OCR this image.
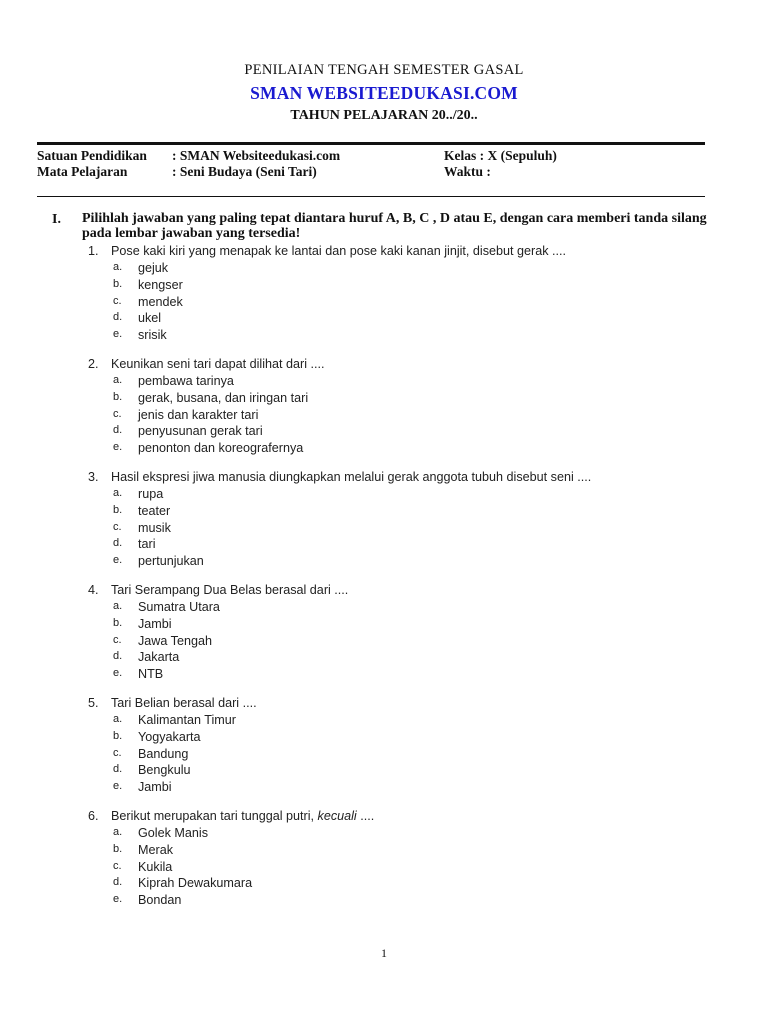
PENILAIAN TENGAH SEMESTER GASAL
SMAN WEBSITEEDUKASI.COM
TAHUN PELAJARAN 20../20..
Satuan Pendidikan : SMAN Websiteedukasi.com	Kelas : X (Sepuluh)
Mata Pelajaran	: Seni Budaya (Seni Tari)	Waktu :
I. Pilihlah jawaban yang paling tepat diantara huruf A, B, C , D atau E, dengan cara memberi tanda silang pada lembar jawaban yang tersedia!
1. Pose kaki kiri yang menapak ke lantai dan pose kaki kanan jinjit, disebut gerak ....
a. gejuk
b. kengser
c. mendek
d. ukel
e. srisik
2. Keunikan seni tari dapat dilihat dari ....
a. pembawa tarinya
b. gerak, busana, dan iringan tari
c. jenis dan karakter tari
d. penyusunan gerak tari
e. penonton dan koreografernya
3. Hasil ekspresi jiwa manusia diungkapkan melalui gerak anggota tubuh disebut seni ....
a. rupa
b. teater
c. musik
d. tari
e. pertunjukan
4. Tari Serampang Dua Belas berasal dari ....
a. Sumatra Utara
b. Jambi
c. Jawa Tengah
d. Jakarta
e. NTB
5. Tari Belian berasal dari ....
a. Kalimantan Timur
b. Yogyakarta
c. Bandung
d. Bengkulu
e. Jambi
6. Berikut merupakan tari tunggal putri, kecuali ....
a. Golek Manis
b. Merak
c. Kukila
d. Kiprah Dewakumara
e. Bondan
1
